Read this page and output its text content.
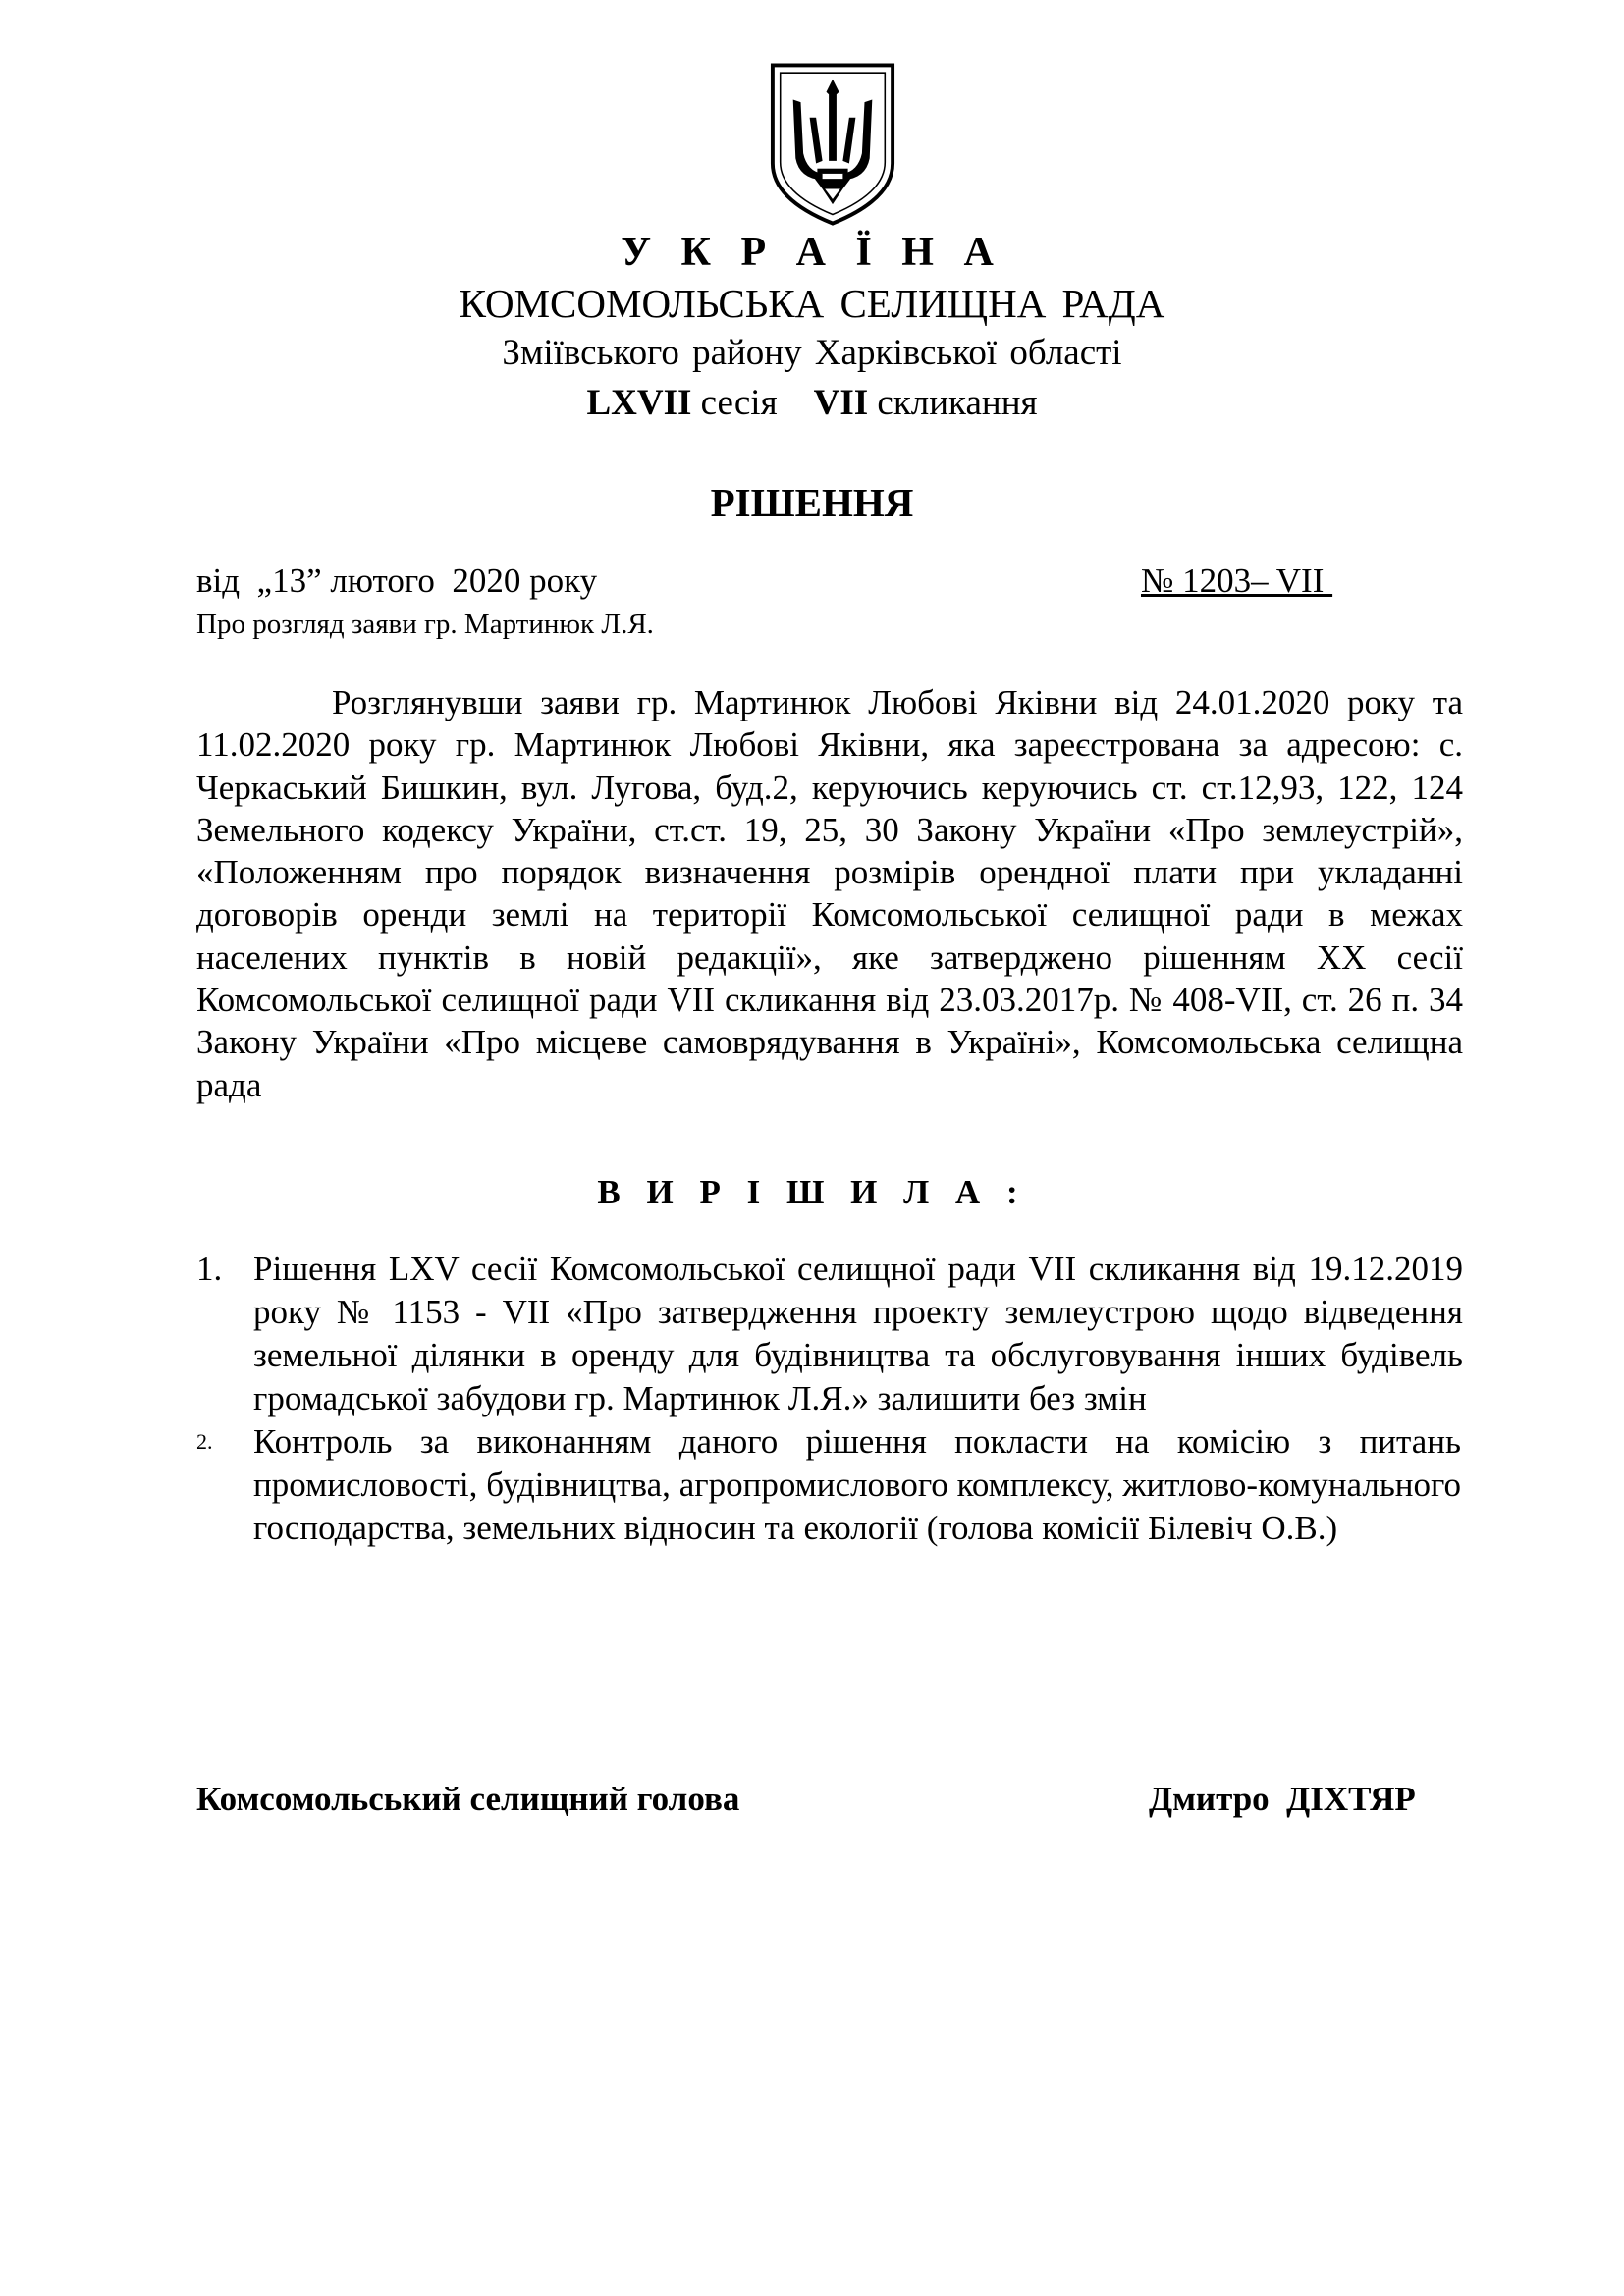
У К Р А Ї Н А
КОМСОМОЛЬСЬКА СЕЛИЩНА РАДА
Зміївського району Харківської області
LXVII сесія    VII скликання
РІШЕННЯ
від  „13” лютого  2020 року	№ 1203– VII
Про розгляд заяви гр. Мартинюк Л.Я.
Розглянувши заяви гр. Мартинюк Любові Яківни від 24.01.2020 року та 11.02.2020 року гр. Мартинюк Любові Яківни, яка зареєстрована за адресою: с. Черкаський Бишкин, вул. Лугова, буд.2, керуючись керуючись ст. ст.12,93, 122, 124 Земельного кодексу України, ст.ст. 19, 25, 30 Закону України «Про землеустрій», «Положенням про порядок визначення розмірів орендної плати при укладанні договорів оренди землі на території Комсомольської селищної ради в межах населених пунктів в новій редакції», яке затверджено рішенням XX сесії Комсомольської селищної ради VII скликання від 23.03.2017р. № 408-VII, ст. 26 п. 34 Закону України «Про місцеве самоврядування в Україні», Комсомольська селищна рада
В И Р І Ш И Л А :
1. Рішення LXV сесії Комсомольської селищної ради VII скликання від 19.12.2019 року № 1153 - VII «Про затвердження проекту землеустрою щодо відведення земельної ділянки в оренду для будівництва та обслуговування інших будівель громадської забудови гр. Мартинюк Л.Я.» залишити без змін
2. Контроль за виконанням даного рішення покласти на комісію з питань промисловості, будівництва, агропромислового комплексу, житлово-комунального господарства, земельних відносин та екології (голова комісії Білевіч О.В.)
Комсомольський селищний голова	Дмитро  ДІХТЯР
